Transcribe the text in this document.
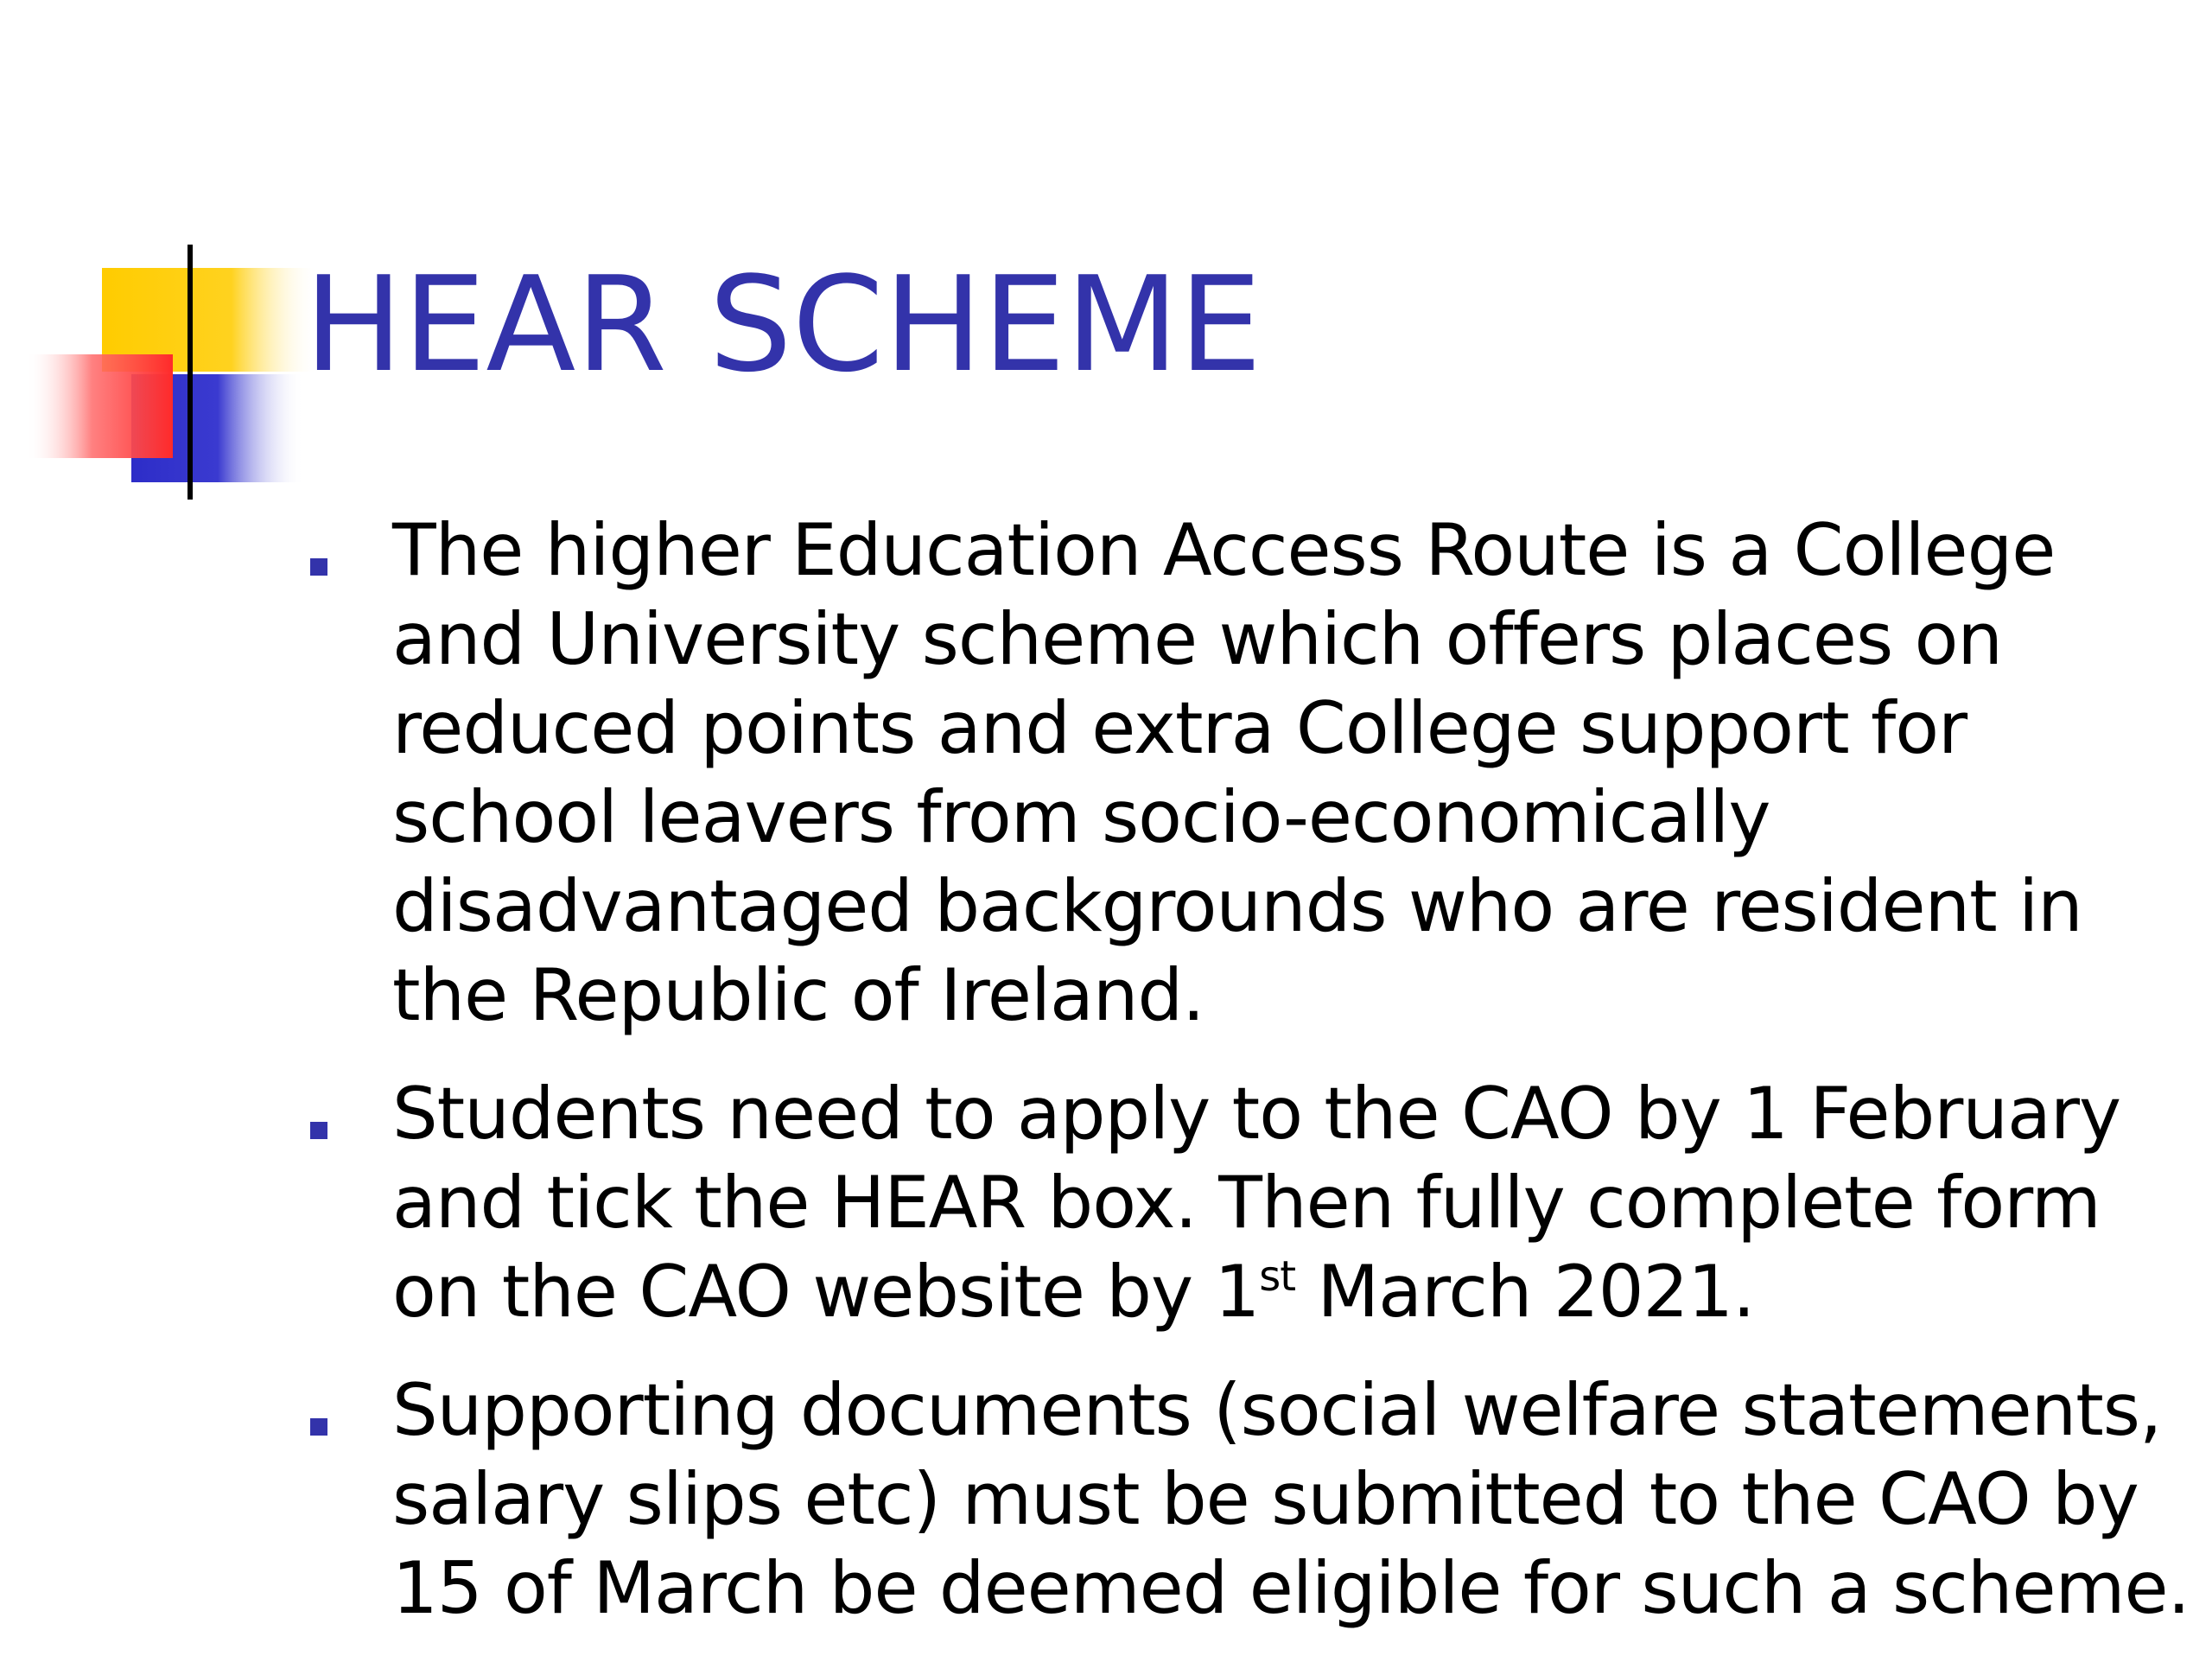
HEAR SCHEME
The higher Education Access Route is a College and University scheme which offers places on reduced points and extra College support for school leavers from socio-economically disadvantaged backgrounds who are resident in the Republic of Ireland.
Students need to apply to the CAO by 1 February and tick the HEAR box. Then fully complete form on the CAO website by 1st March 2021.
Supporting documents (social welfare statements, salary slips etc) must be submitted to the CAO by 15 of March be deemed eligible for such a scheme.
